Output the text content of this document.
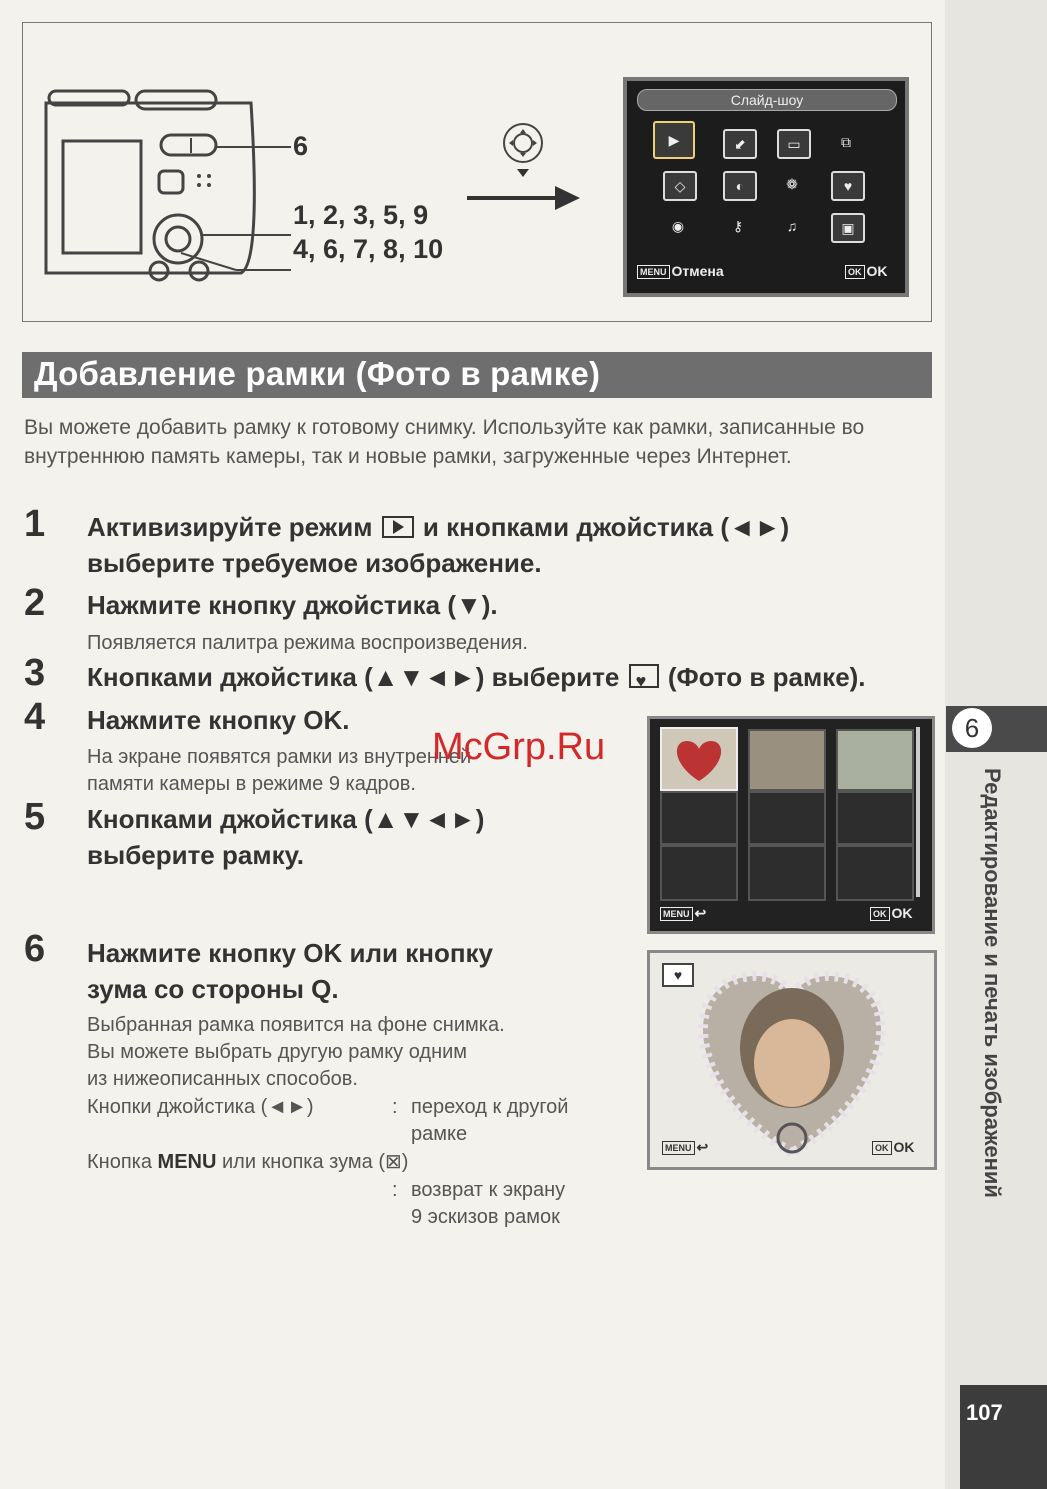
6
Редактирование и печать изображений
107
6
1, 2, 3, 5, 9
4, 6, 7, 8, 10
Слайд-шоу
▶	⬋	▭	⧉
◇	◐	❁	♥
◉	⚷	♫	▣
MENU Отмена	OK OK
Добавление рамки (Фото в рамке)
Вы можете добавить рамку к готовому снимку. Используйте как рамки, записанные во внутреннюю память камеры, так и новые рамки, загруженные через Интернет.
1 Активизируйте режим и кнопками джойстика (◄►)
выберите требуемое изображение.
2 Нажмите кнопку джойстика (▼).
Появляется палитра режима воспроизведения.
3 Кнопками джойстика (▲▼◄►) выберите ♥ (Фото в рамке).
4 Нажмите кнопку OK.
На экране появятся рамки из внутренней
памяти камеры в режиме 9 кадров.
5 Кнопками джойстика (▲▼◄►)
выберите рамку.
MENU ↩	OK OK
6 Нажмите кнопку OK или кнопку
зума со стороны Q.
Выбранная рамка появится на фоне снимка.
Вы можете выбрать другую рамку одним
из нижеописанных способов.
Кнопки джойстика (◄►)	: переход к другой
рамке
Кнопка MENU или кнопка зума (⊠)
: возврат к экрану
9 эскизов рамок
♥
MENU ↩	OK OK
McGrp.Ru
